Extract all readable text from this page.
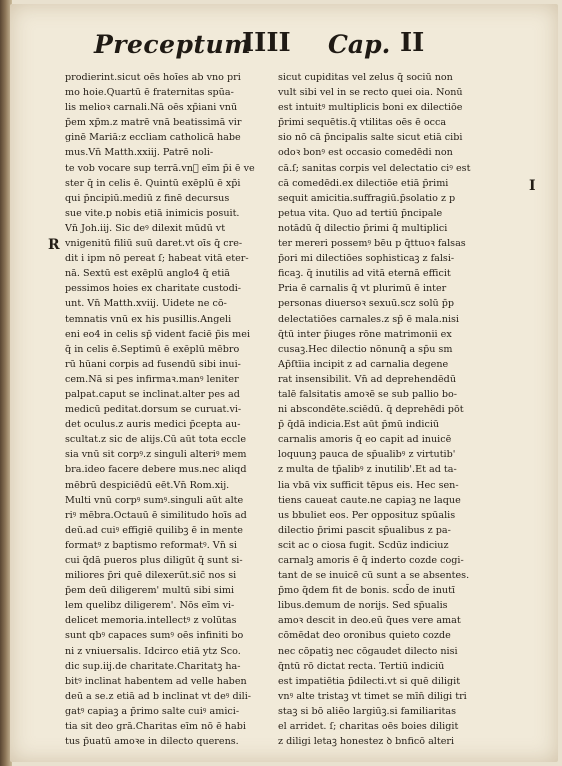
Preceptum
IIII Cap. II
R
I
prodierint.sicut oēs hoīes ab vno pri
mo hoie.Quartū ē fraternitas spūa-
lis melioꝛ carnali.Nā oēs xp̄iani vnū
p̄em xp̄m.z matrē vnā beatissimā vir
ginē Mariā:z eccliam catholicā habe
mus.Vn̄ Matth.xxiij. Patrē noli-
te vob vocare sup terrā.vn᷒ eīm p̄i ē ve
ster q̄ in celis ē. Quintū exēplū ē xp̄i
qui p̄ncipiū.mediū z finē decursus
sue vite.p nobis etiā inimicis posuit.
Vn̄ Joh.iij. Sic deꝰ dilexit mūdū vt
vnigenitū filiū suū daret.vt oīs q̄ cre-
dit i ipm nō pereat ſ; habeat vitā eter-
nā. Sextū est exēplū anglo4 q̄ etiā
pessimos hoies ex charitate custodi-
unt. Vn̄ Matth.xviij. Uidete ne cō-
temnatis vnū ex his pusillis.Angeli
eni eo4 in celis sp̄ vident faciē p̄is mei
q̄ in celis ē.Septimū ē exēplū mēbro
rū hūani corpis ad fusendū sibi inui-
cem.Nā si pes infirmaꝛ.manꝰ leniter
palpat.caput se inclinat.alter pes ad
medicū peditat.dorsum se curuat.vi-
det oculus.z auris medici p̄cepta au-
scultat.z sic de alijs.Cū aūt tota eccle
sia vnū sit corpꝰ.z singuli alteriꝰ mem
bra.ideo facere debere mus.nec aliqd
mēbrū despiciēdū eēt.Vn̄ Rom.xij.
Multi vnū corpꝰ sumꝰ.singuli aūt alte
riꝰ mēbra.Octauū ē similitudo hoīs ad
deū.ad cuiꝰ effigiē quilibꝫ ē in mente
formatꝰ z baptismo reformatꝰ. Vn̄ si
cui q̄dā pueros plus diligūt q̄ sunt si-
miliores p̄ri quē dilexerūt.sic̄ nos si
p̄em deū diligerem' multū sibi simi
lem quelibz diligerem'. Nōs eīm vi-
delicet memoria.intellectꝰ z volūtas
sunt qbꝰ capaces sumꝰ oēs infiniti bo
ni z vniuersalis. Idcirco etiā ytz Sco.
dic sup.iij.de charitate.Charitatꝫ ha-
bitꝰ inclinat habentem ad velle haben
deū a se.z etiā ad b inclinat vt deꝰ dili-
gatꝰ capiaꝫ a p̄rimo salte cuiꝰ amici-
tia sit deo grā.Charitas eīm nō ē habi
tus p̄uatū amoꝛe in dilecto querens.
sicut cupiditas vel zelus q̄ sociū non
vult sibi vel in se recto quei oia. Nonū
est intuitꝰ multiplicis boni ex dilectiōe
p̄rimi sequētis.q̄ vtilitas oēs ē occa
sio nō cā p̄ncipalis salte sicut etiā cibi
odoꝛ bonꝰ est occasio comedēdi non
cā.ſ; sanitas corpis vel delectatio ciꝰ est
cā comedēdi.ex dilectiōe etiā p̄rimi
sequit amicitia.suffragiū.p̄solatio z p
petua vita. Quo ad tertiū p̄ncipale
notādū q̄ dilectio p̄rimi q̄ multiplici
ter mereri possemꝰ bēu p q̄ttuoꝛ falsas
p̄ori mi dilectiōes sophisticaꝫ z falsi-
ficaꝫ. q̄ inutilis ad vitā eternā efficit
Pria ē carnalis q̄ vt plurimū ē inter
personas diuersoꝛ sexuū.scz solū p̄p
delectatiōes carnales.z sp̄ ē mala.nisi
q̄tū inter p̄iuges rōne matrimonii ex
cusaꝫ.Hec dilectio nōnunq̄ a sp̄u sm
Ap̄ſtīia incipit z ad carnalia degene
rat insensibilit. Vn̄ ad deprehendēdū
talē falsitatis amoꝛē se sub pallio bo-
ni abscondēte.sciēdū. q̄ deprehēdi pōt
p̄ q̄dā indicia.Est aūt p̄mū indiciū
carnalis amoris q̄ eo capit ad inuicē
loquunꝫ pauca de sp̄ualibꝰ z virtutib'
z multa de tp̄alibꝰ z inutilib'.Et ad ta-
lia vbā vix sufficit tēpus eis. Hec sen-
tiens caueat caute.ne capiaꝫ ne laque
us bbuliet eos. Per opposituz spūalis
dilectio p̄rimi pascit sp̄ualibus z pa-
scit ac o ciosa fugit. Scdūz indiciuz
carnalꝫ amoris ē q̄ inderto cozde cogi-
tant de se inuicē cū sunt a se absentes.
p̄mo q̄dem fit de bonis. scd̄o de inutī
libus.demum de norijs. Sed sp̄ualis
amoꝛ descit in deo.eū q̄ues vere amat
cōmēdat deo oronibus quieto cozde
nec cōpatiꝫ nec cōgaudet dilecto nisi
q̄ntū rō dictat recta. Tertiū indiciū
est impatiētia p̄dilecti.vt si quē diligit
vnꝰ alte tristaꝫ vt timet se mīn̄ diligi tri
staꝫ si bō aliēo largiūꝫ.si familiaritas
el arridet. ſ; charitas oēs boies diligit
z diligi letaꝫ honestez ꝺ bnficō alteri
